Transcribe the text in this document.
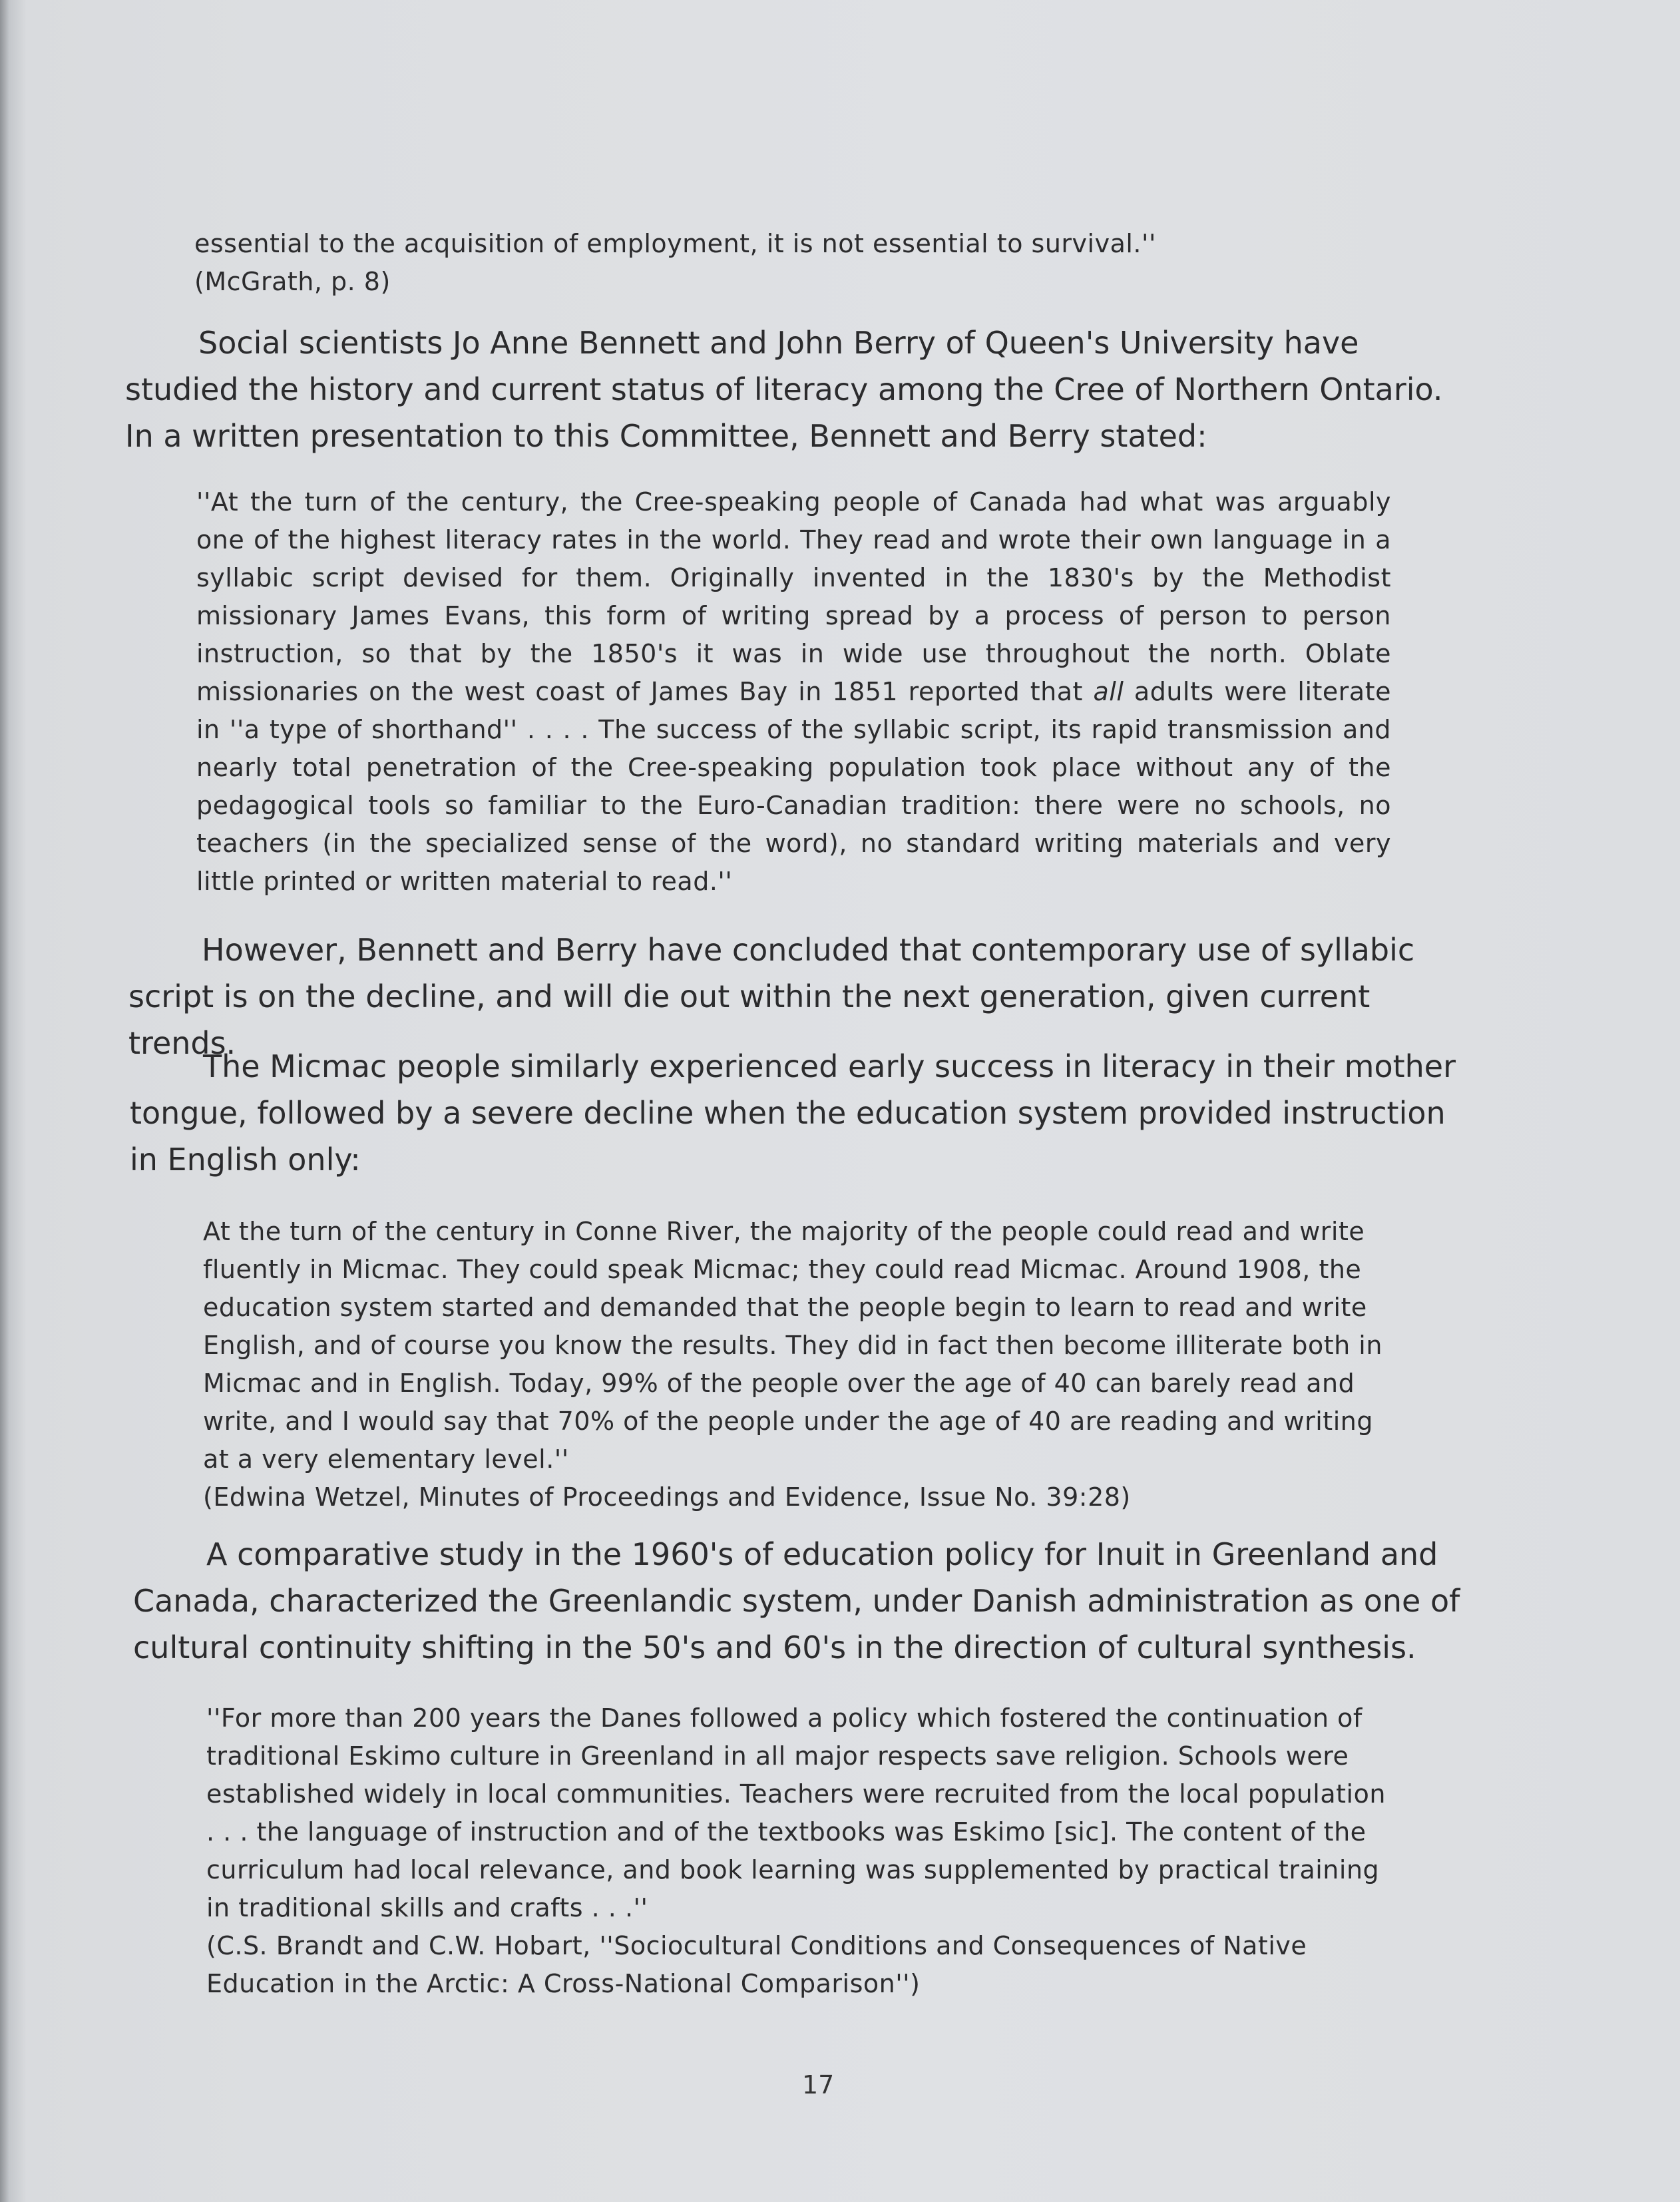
essential to the acquisition of employment, it is not essential to survival.''
(McGrath, p. 8)

Social scientists Jo Anne Bennett and John Berry of Queen's University have studied the history and current status of literacy among the Cree of Northern Ontario. In a written presentation to this Committee, Bennett and Berry stated:

''At the turn of the century, the Cree-speaking people of Canada had what was arguably one of the highest literacy rates in the world. They read and wrote their own language in a syllabic script devised for them. Originally invented in the 1830's by the Methodist missionary James Evans, this form of writing spread by a process of person to person instruction, so that by the 1850's it was in wide use throughout the north. Oblate missionaries on the west coast of James Bay in 1851 reported that all adults were literate in ''a type of shorthand'' . . . . The success of the syllabic script, its rapid transmission and nearly total penetration of the Cree-speaking population took place without any of the pedagogical tools so familiar to the Euro-Canadian tradition: there were no schools, no teachers (in the specialized sense of the word), no standard writing materials and very little printed or written material to read.''

However, Bennett and Berry have concluded that contemporary use of syllabic script is on the decline, and will die out within the next generation, given current trends.

The Micmac people similarly experienced early success in literacy in their mother tongue, followed by a severe decline when the education system provided instruction in English only:

At the turn of the century in Conne River, the majority of the people could read and write fluently in Micmac. They could speak Micmac; they could read Micmac. Around 1908, the education system started and demanded that the people begin to learn to read and write English, and of course you know the results. They did in fact then become illiterate both in Micmac and in English. Today, 99% of the people over the age of 40 can barely read and write, and I would say that 70% of the people under the age of 40 are reading and writing at a very elementary level.''

(Edwina Wetzel, Minutes of Proceedings and Evidence, Issue No. 39:28)

A comparative study in the 1960's of education policy for Inuit in Greenland and Canada, characterized the Greenlandic system, under Danish administration as one of cultural continuity shifting in the 50's and 60's in the direction of cultural synthesis.

''For more than 200 years the Danes followed a policy which fostered the continuation of traditional Eskimo culture in Greenland in all major respects save religion. Schools were established widely in local communities. Teachers were recruited from the local population . . . the language of instruction and of the textbooks was Eskimo [sic]. The content of the curriculum had local relevance, and book learning was supplemented by practical training in traditional skills and crafts . . .''

(C.S. Brandt and C.W. Hobart, ''Sociocultural Conditions and Consequences of Native Education in the Arctic: A Cross-National Comparison'')

17
